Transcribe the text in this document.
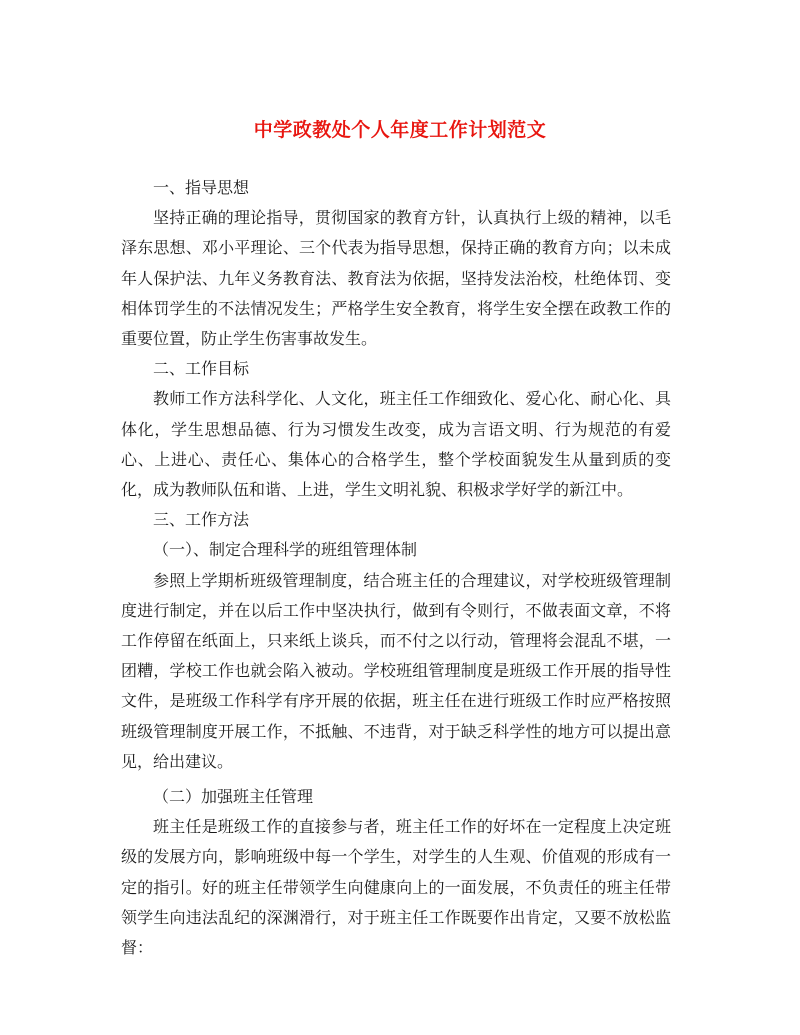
中学政教处个人年度工作计划范文

一、指导思想

坚持正确的理论指导，贯彻国家的教育方针，认真执行上级的精神，以毛泽东思想、邓小平理论、三个代表为指导思想，保持正确的教育方向；以未成年人保护法、九年义务教育法、教育法为依据，坚持发法治校，杜绝体罚、变相体罚学生的不法情况发生；严格学生安全教育，将学生安全摆在政教工作的重要位置，防止学生伤害事故发生。

二、工作目标

教师工作方法科学化、人文化，班主任工作细致化、爱心化、耐心化、具体化，学生思想品德、行为习惯发生改变，成为言语文明、行为规范的有爱心、上进心、责任心、集体心的合格学生，整个学校面貌发生从量到质的变化，成为教师队伍和谐、上进，学生文明礼貌、积极求学好学的新江中。

三、工作方法

（一）、制定合理科学的班组管理体制

参照上学期析班级管理制度，结合班主任的合理建议，对学校班级管理制度进行制定，并在以后工作中坚决执行，做到有令则行，不做表面文章，不将工作停留在纸面上，只来纸上谈兵，而不付之以行动，管理将会混乱不堪，一团糟，学校工作也就会陷入被动。学校班组管理制度是班级工作开展的指导性文件，是班级工作科学有序开展的依据，班主任在进行班级工作时应严格按照班级管理制度开展工作，不抵触、不违背，对于缺乏科学性的地方可以提出意见，给出建议。

（二）加强班主任管理

班主任是班级工作的直接参与者，班主任工作的好坏在一定程度上决定班级的发展方向，影响班级中每一个学生，对学生的人生观、价值观的形成有一定的指引。好的班主任带领学生向健康向上的一面发展，不负责任的班主任带领学生向违法乱纪的深渊滑行，对于班主任工作既要作出肯定，又要不放松监督：
